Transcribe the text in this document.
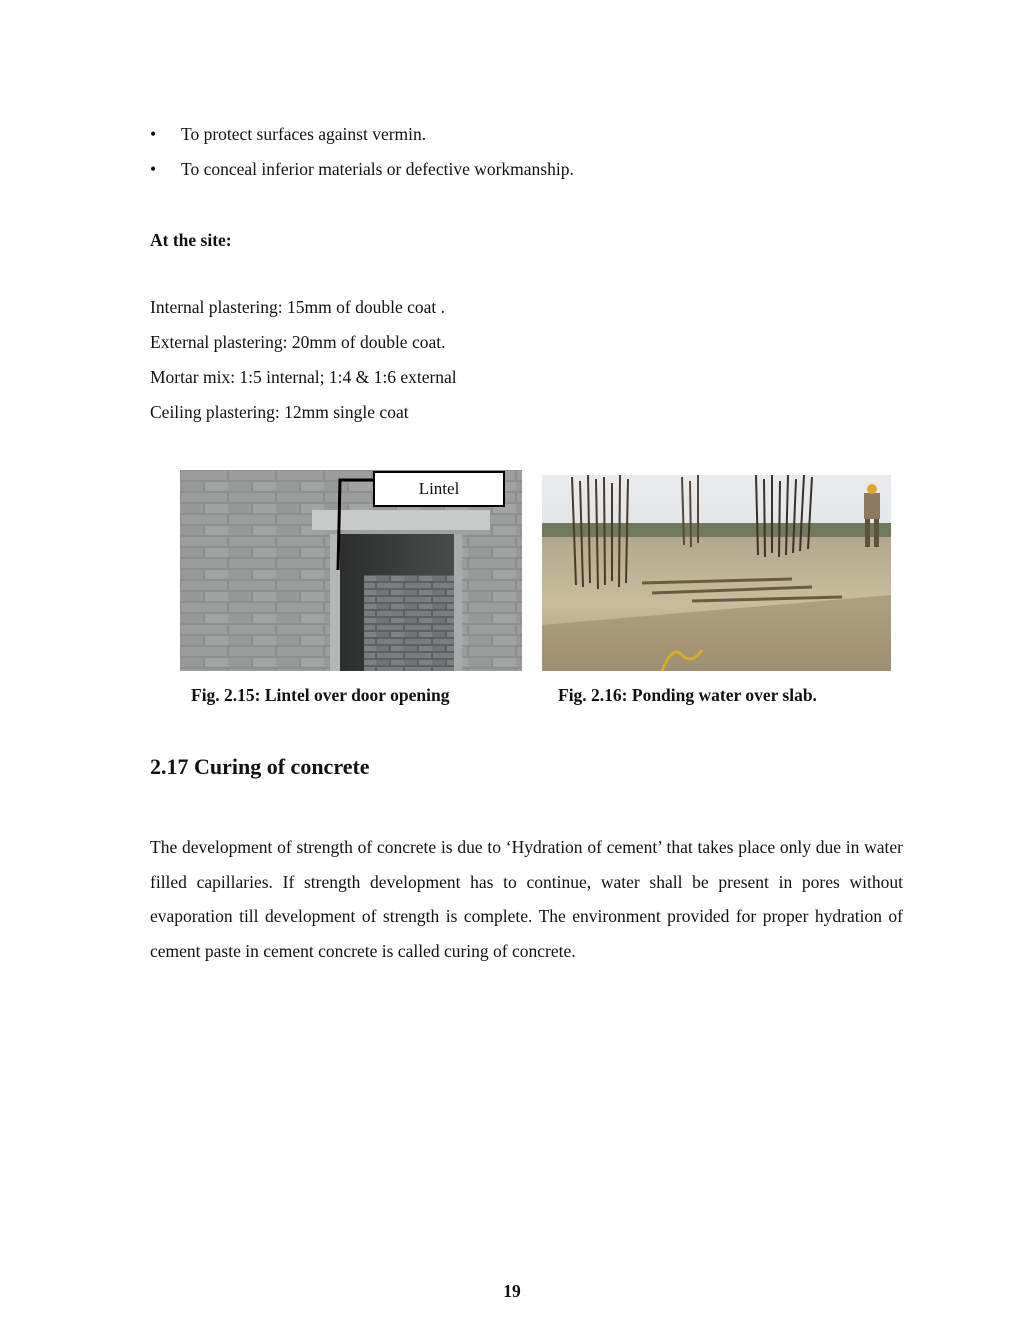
• To protect surfaces against vermin.
• To conceal inferior materials or defective workmanship.
At the site:
Internal plastering: 15mm of double coat .
External plastering: 20mm of double coat.
Mortar mix: 1:5 internal; 1:4 & 1:6 external
Ceiling plastering: 12mm single coat
Lintel
Fig. 2.15: Lintel over door opening	Fig. 2.16: Ponding water over slab.
2.17 Curing of concrete
The development of strength of concrete is due to ‘Hydration of cement’ that takes place only due in water filled capillaries. If strength development has to continue, water shall be present in pores without evaporation till development of strength is complete. The environment provided for proper hydration of cement paste in cement concrete is called curing of concrete.
19
